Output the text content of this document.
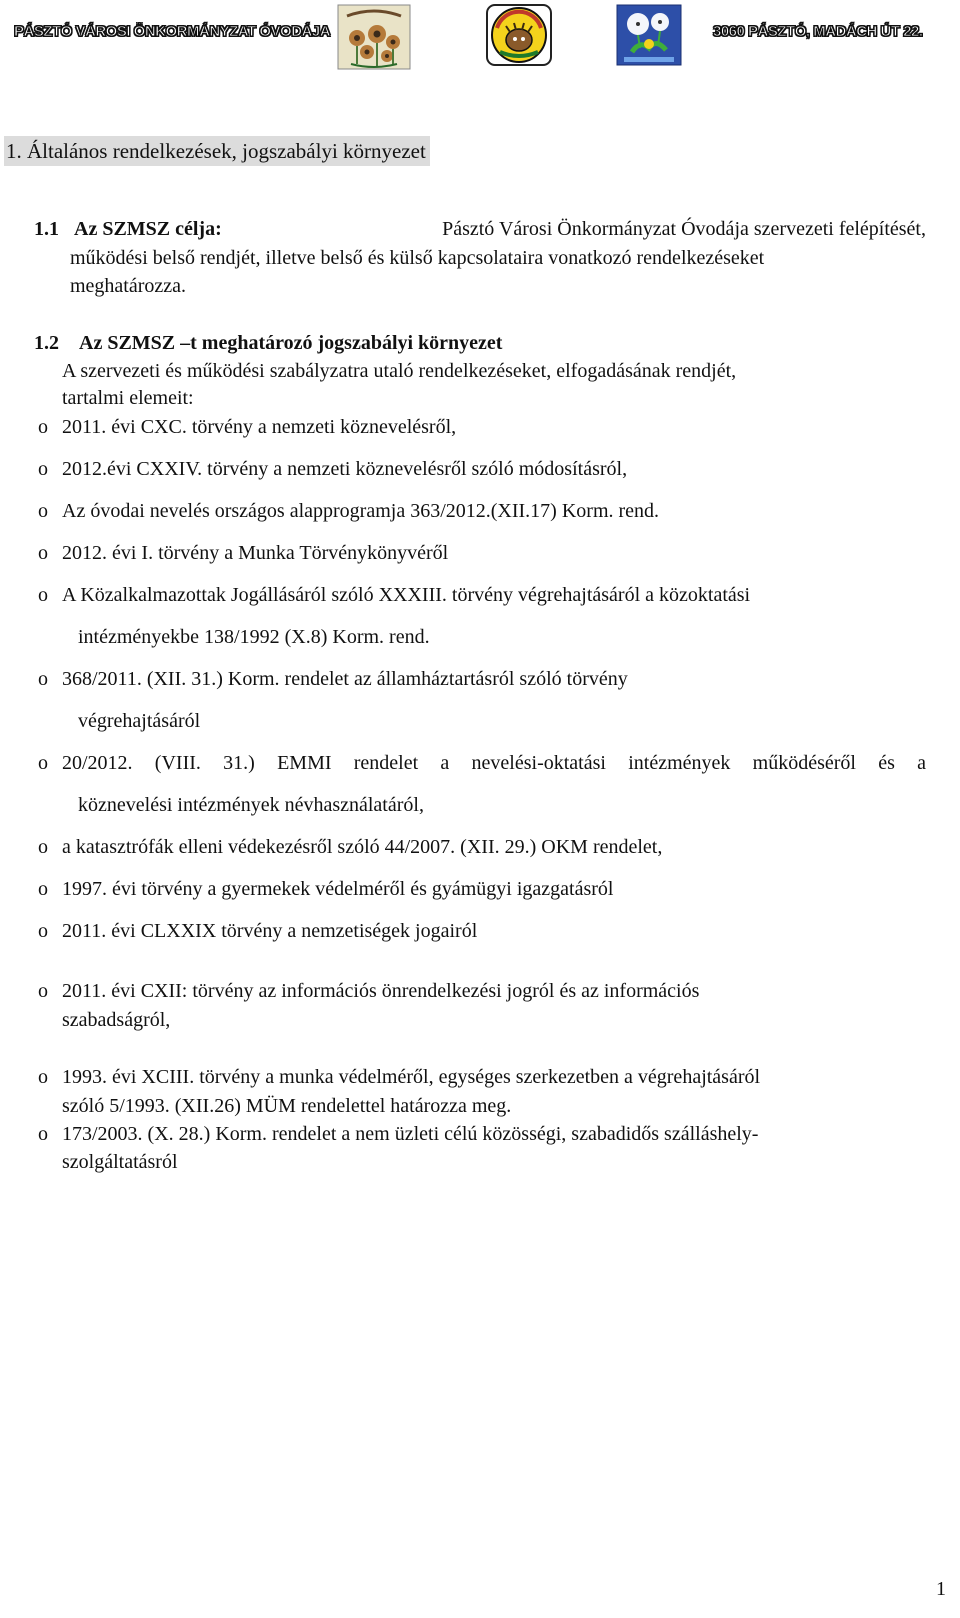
PÁSZTÓ VÁROSI ÖNKORMÁNYZAT ÓVODÁJA	3060 PÁSZTÓ, MADÁCH ÚT 22.
1. Általános rendelkezések, jogszabályi környezet
1.1 Az SZMSZ célja:	Pásztó Városi Önkormányzat Óvodája szervezeti felépítését,
működési belső rendjét, illetve belső és külső kapcsolataira vonatkozó rendelkezéseket
meghatározza.
1.2 Az SZMSZ –t meghatározó jogszabályi környezet
A szervezeti és működési szabályzatra utaló rendelkezéseket, elfogadásának rendjét,
tartalmi elemeit:
o 2011. évi CXC. törvény a nemzeti köznevelésről,
o 2012.évi CXXIV. törvény a nemzeti köznevelésről szóló módosításról,
o Az óvodai nevelés országos alapprogramja 363/2012.(XII.17) Korm. rend.
o 2012. évi I. törvény a Munka Törvénykönyvéről
o A Közalkalmazottak Jogállásáról szóló XXXIII. törvény végrehajtásáról a közoktatási
intézményekbe 138/1992 (X.8) Korm. rend.
o 368/2011. (XII. 31.) Korm. rendelet az államháztartásról szóló törvény
végrehajtásáról
o 20/2012. (VIII. 31.) EMMI rendelet a nevelési-oktatási intézmények működéséről és a
köznevelési intézmények névhasználatáról,
o a katasztrófák elleni védekezésről szóló 44/2007. (XII. 29.) OKM rendelet,
o 1997. évi törvény a gyermekek védelméről és gyámügyi igazgatásról
o 2011. évi CLXXIX törvény a nemzetiségek jogairól
o 2011. évi CXII: törvény az információs önrendelkezési jogról és az információs
szabadságról,
o 1993. évi XCIII. törvény a munka védelméről, egységes szerkezetben a végrehajtásáról
szóló 5/1993. (XII.26) MÜM rendelettel határozza meg.
o 173/2003. (X. 28.) Korm. rendelet a nem üzleti célú közösségi, szabadidős szálláshely-
szolgáltatásról
1
